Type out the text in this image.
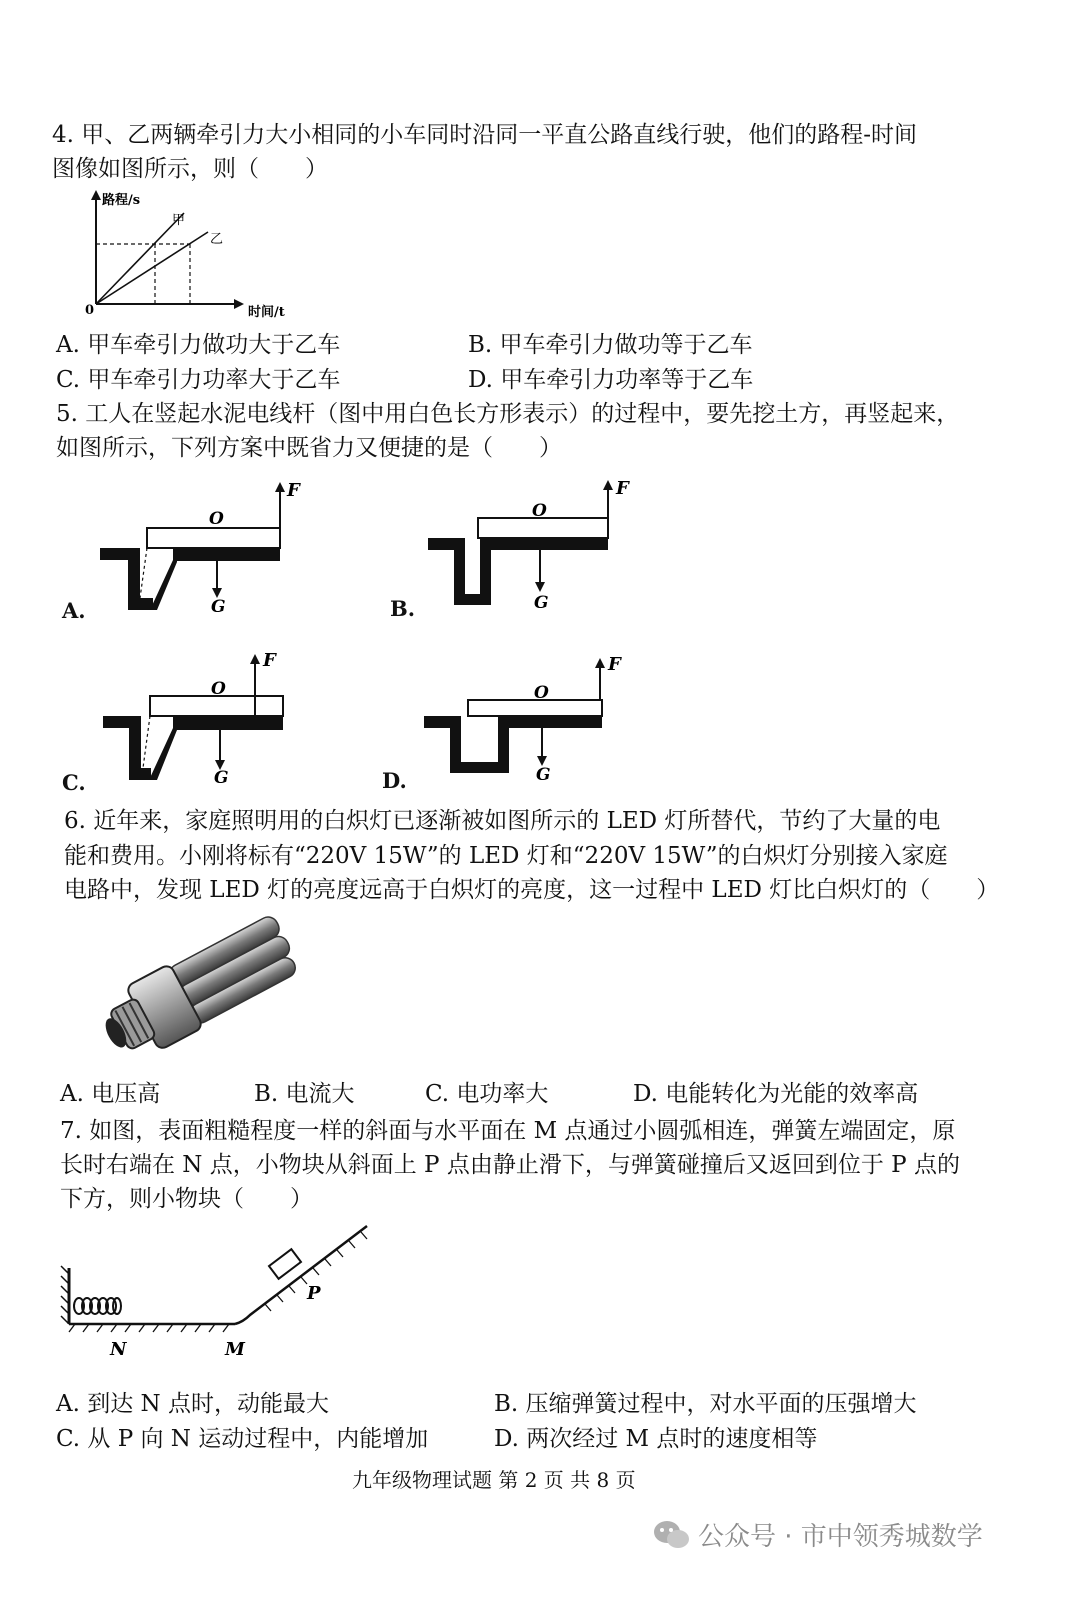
4. 甲、乙两辆牵引力大小相同的小车同时沿同一平直公路直线行驶，他们的路程-时间
图像如图所示，则（　　）
路程/s
时间/t
0
甲
乙
A. 甲车牵引力做功大于乙车	B. 甲车牵引力做功等于乙车
C. 甲车牵引力功率大于乙车	D. 甲车牵引力功率等于乙车
5. 工人在竖起水泥电线杆（图中用白色长方形表示）的过程中，要先挖土方，再竖起来，
如图所示，下列方案中既省力又便捷的是（　　）
F
O
G
A.
F
O
G
B.
F
O
G
C.
F
O
G
D.
6. 近年来，家庭照明用的白炽灯已逐渐被如图所示的 LED 灯所替代，节约了大量的电
能和费用。小刚将标有“220V 15W”的 LED 灯和“220V 15W”的白炽灯分别接入家庭
电路中，发现 LED 灯的亮度远高于白炽灯的亮度，这一过程中 LED 灯比白炽灯的（　　）
A. 电压高	B. 电流大	C. 电功率大	D. 电能转化为光能的效率高
7. 如图，表面粗糙程度一样的斜面与水平面在 M 点通过小圆弧相连，弹簧左端固定，原
长时右端在 N 点，小物块从斜面上 P 点由静止滑下，与弹簧碰撞后又返回到位于 P 点的
下方，则小物块（　　）
P
N	M
A. 到达 N 点时，动能最大	B. 压缩弹簧过程中，对水平面的压强增大
C. 从 P 向 N 运动过程中，内能增加	D. 两次经过 M 点时的速度相等
九年级物理试题 第 2 页 共 8 页
公众号 · 市中领秀城数学
